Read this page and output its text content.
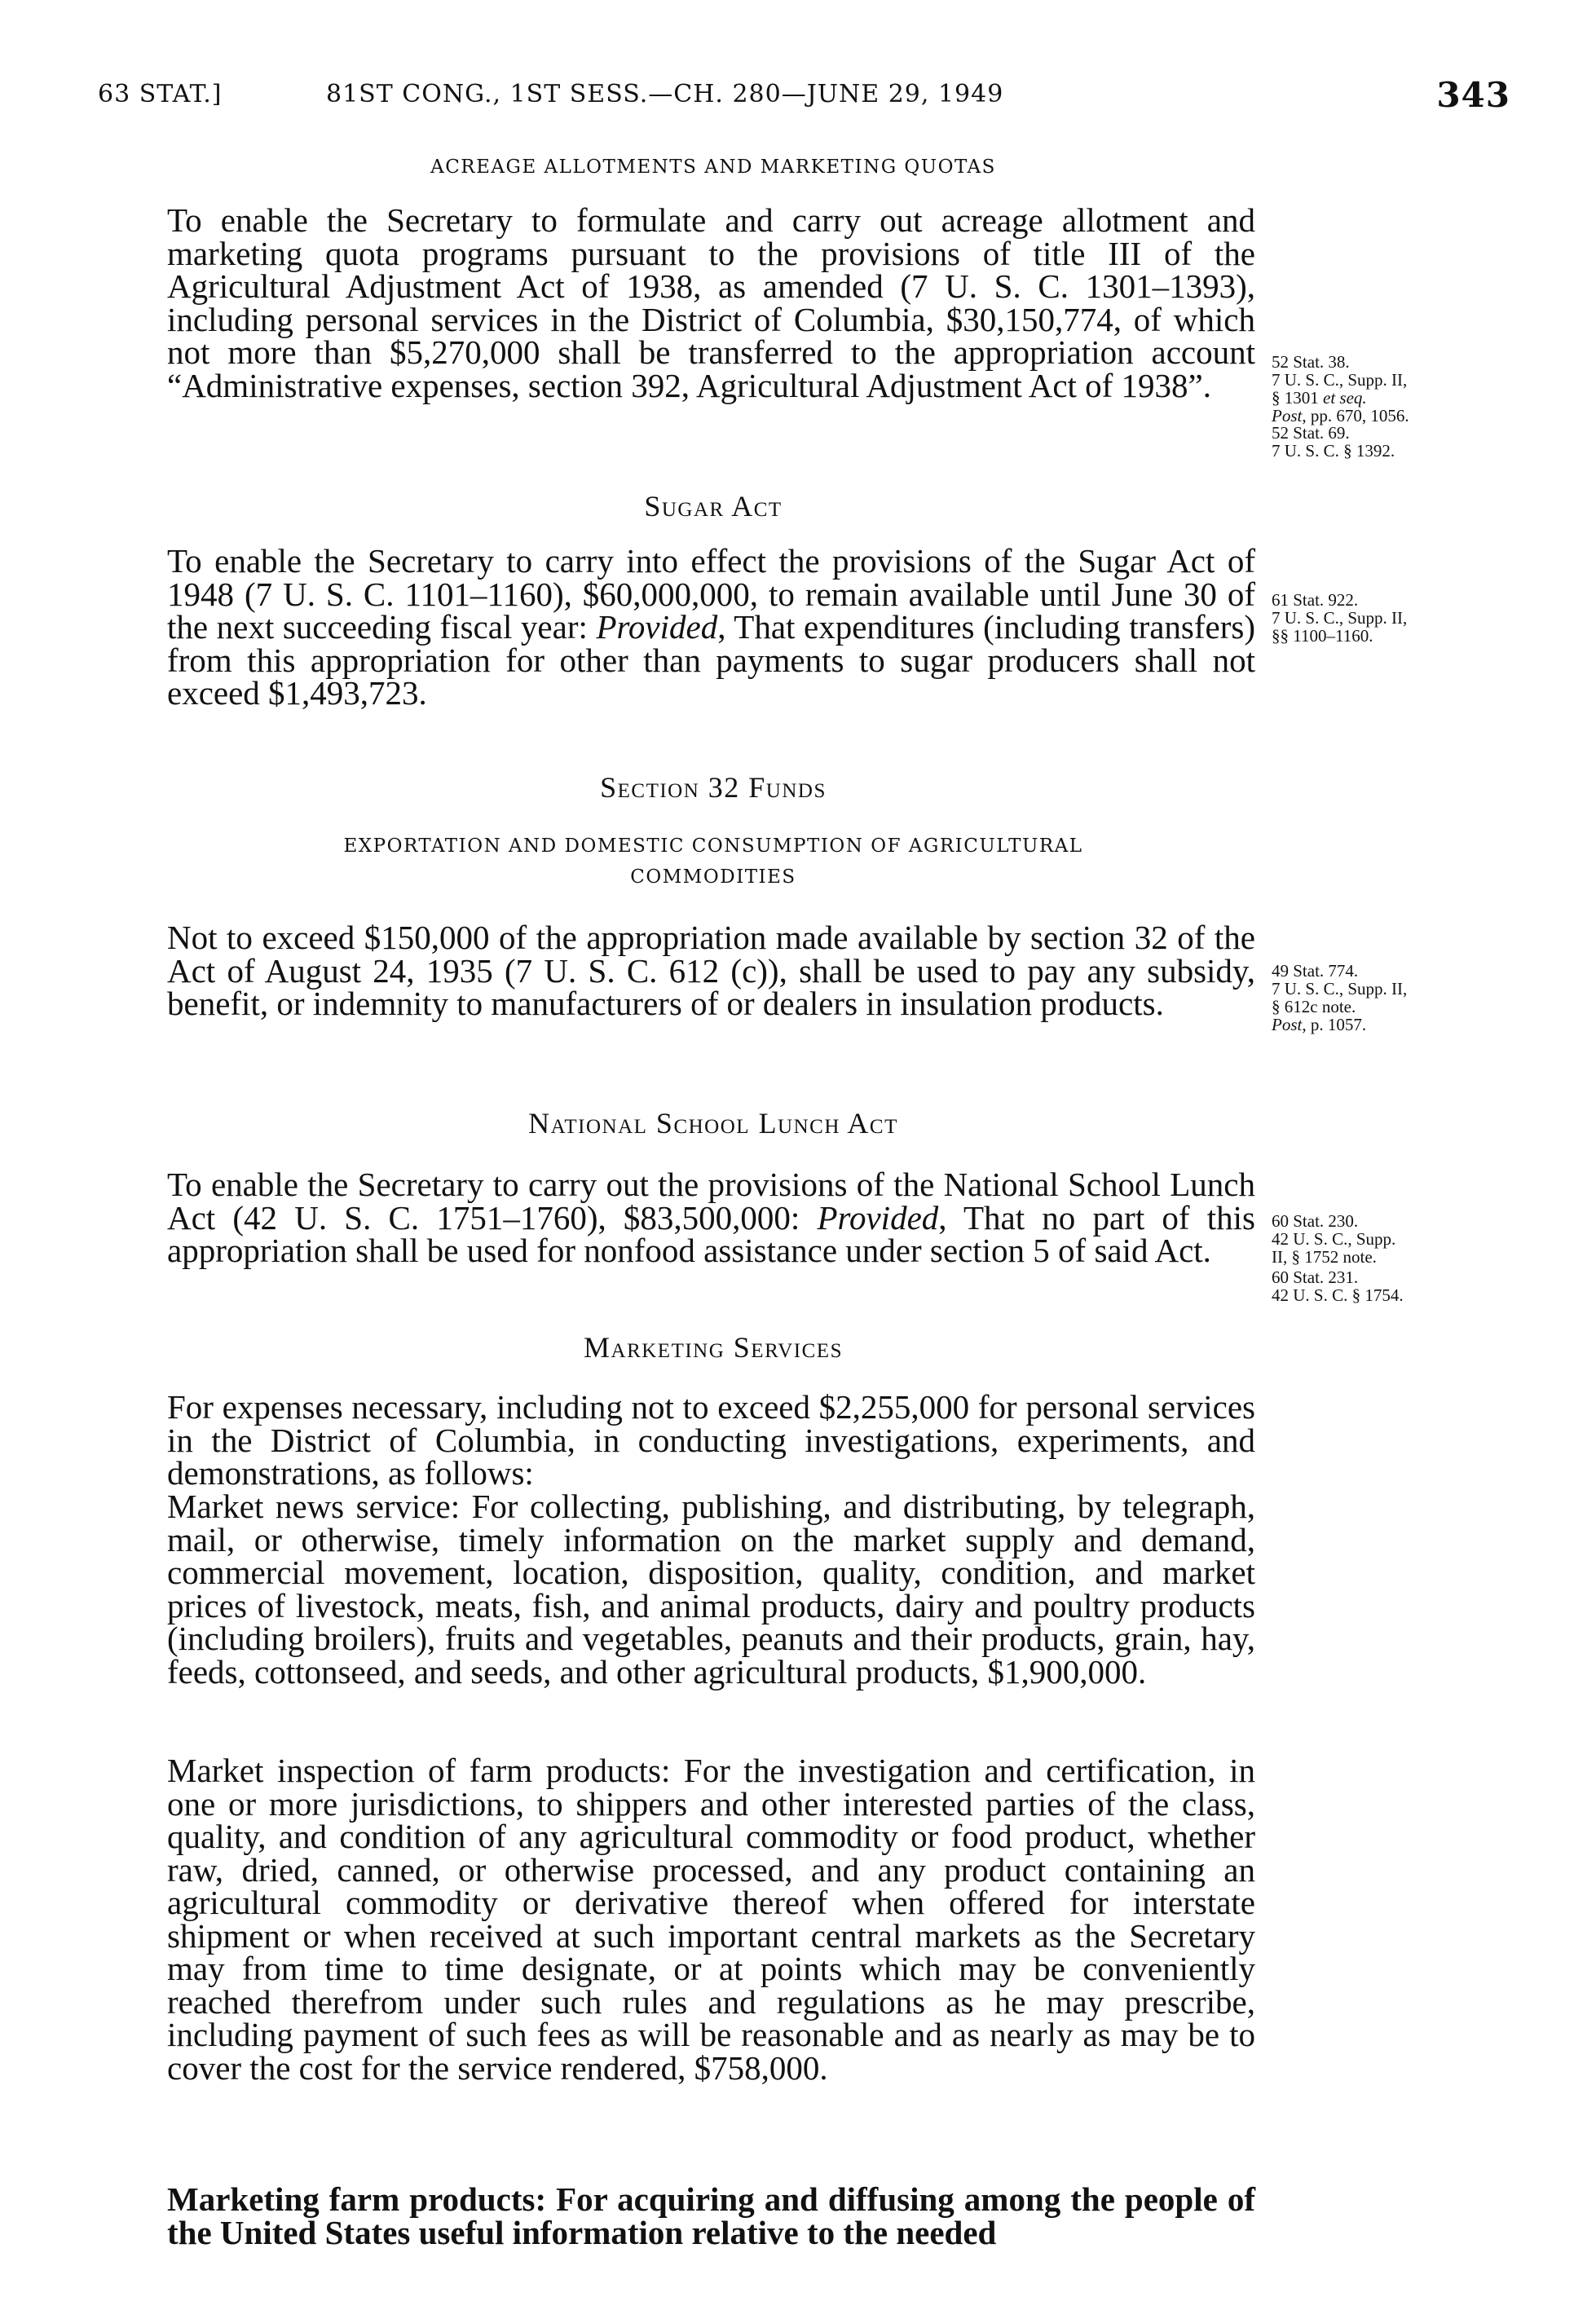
63 STAT.]	81ST CONG., 1ST SESS.—CH. 280—JUNE 29, 1949	343
ACREAGE ALLOTMENTS AND MARKETING QUOTAS
To enable the Secretary to formulate and carry out acreage allotment and marketing quota programs pursuant to the provisions of title III of the Agricultural Adjustment Act of 1938, as amended (7 U. S. C. 1301–1393), including personal services in the District of Columbia, $30,150,774, of which not more than $5,270,000 shall be transferred to the appropriation account “Administrative expenses, section 392, Agricultural Adjustment Act of 1938”.
52 Stat. 38.
7 U. S. C., Supp. II,
§ 1301 et seq.
Post, pp. 670, 1056.
52 Stat. 69.
7 U. S. C. § 1392.
Sugar Act
To enable the Secretary to carry into effect the provisions of the Sugar Act of 1948 (7 U. S. C. 1101–1160), $60,000,000, to remain available until June 30 of the next succeeding fiscal year: Provided, That expenditures (including transfers) from this appropriation for other than payments to sugar producers shall not exceed $1,493,723.
61 Stat. 922.
7 U. S. C., Supp. II,
§§ 1100–1160.
Section 32 Funds
EXPORTATION AND DOMESTIC CONSUMPTION OF AGRICULTURAL
COMMODITIES
Not to exceed $150,000 of the appropriation made available by section 32 of the Act of August 24, 1935 (7 U. S. C. 612 (c)), shall be used to pay any subsidy, benefit, or indemnity to manufacturers of or dealers in insulation products.
49 Stat. 774.
7 U. S. C., Supp. II,
§ 612c note.
Post, p. 1057.
National School Lunch Act
To enable the Secretary to carry out the provisions of the National School Lunch Act (42 U. S. C. 1751–1760), $83,500,000: Provided, That no part of this appropriation shall be used for nonfood assistance under section 5 of said Act.
60 Stat. 230.
42 U. S. C., Supp.
II, § 1752 note.
60 Stat. 231.
42 U. S. C. § 1754.
Marketing Services
For expenses necessary, including not to exceed $2,255,000 for personal services in the District of Columbia, in conducting investigations, experiments, and demonstrations, as follows:
Market news service: For collecting, publishing, and distributing, by telegraph, mail, or otherwise, timely information on the market supply and demand, commercial movement, location, disposition, quality, condition, and market prices of livestock, meats, fish, and animal products, dairy and poultry products (including broilers), fruits and vegetables, peanuts and their products, grain, hay, feeds, cottonseed, and seeds, and other agricultural products, $1,900,000.
Market inspection of farm products: For the investigation and certification, in one or more jurisdictions, to shippers and other interested parties of the class, quality, and condition of any agricultural commodity or food product, whether raw, dried, canned, or otherwise processed, and any product containing an agricultural commodity or derivative thereof when offered for interstate shipment or when received at such important central markets as the Secretary may from time to time designate, or at points which may be conveniently reached therefrom under such rules and regulations as he may prescribe, including payment of such fees as will be reasonable and as nearly as may be to cover the cost for the service rendered, $758,000.
Marketing farm products: For acquiring and diffusing among the people of the United States useful information relative to the needed
